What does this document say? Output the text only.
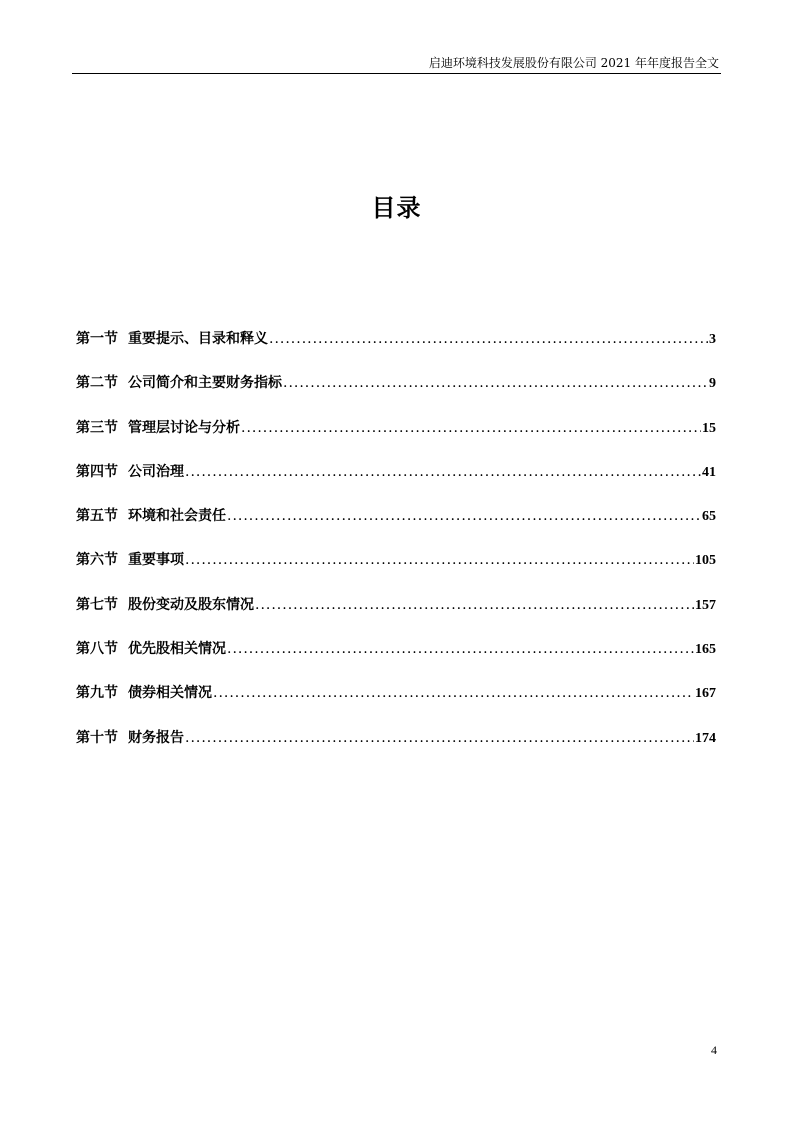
启迪环境科技发展股份有限公司 2021 年年度报告全文
目录
第一节 重要提示、目录和释义 .....	3
第二节 公司简介和主要财务指标 .....	9
第三节 管理层讨论与分析 .....	15
第四节 公司治理 .....	41
第五节 环境和社会责任 .....	65
第六节 重要事项 .....	105
第七节 股份变动及股东情况 .....	157
第八节 优先股相关情况 .....	165
第九节 债券相关情况 .....	167
第十节 财务报告 .....	174
4
